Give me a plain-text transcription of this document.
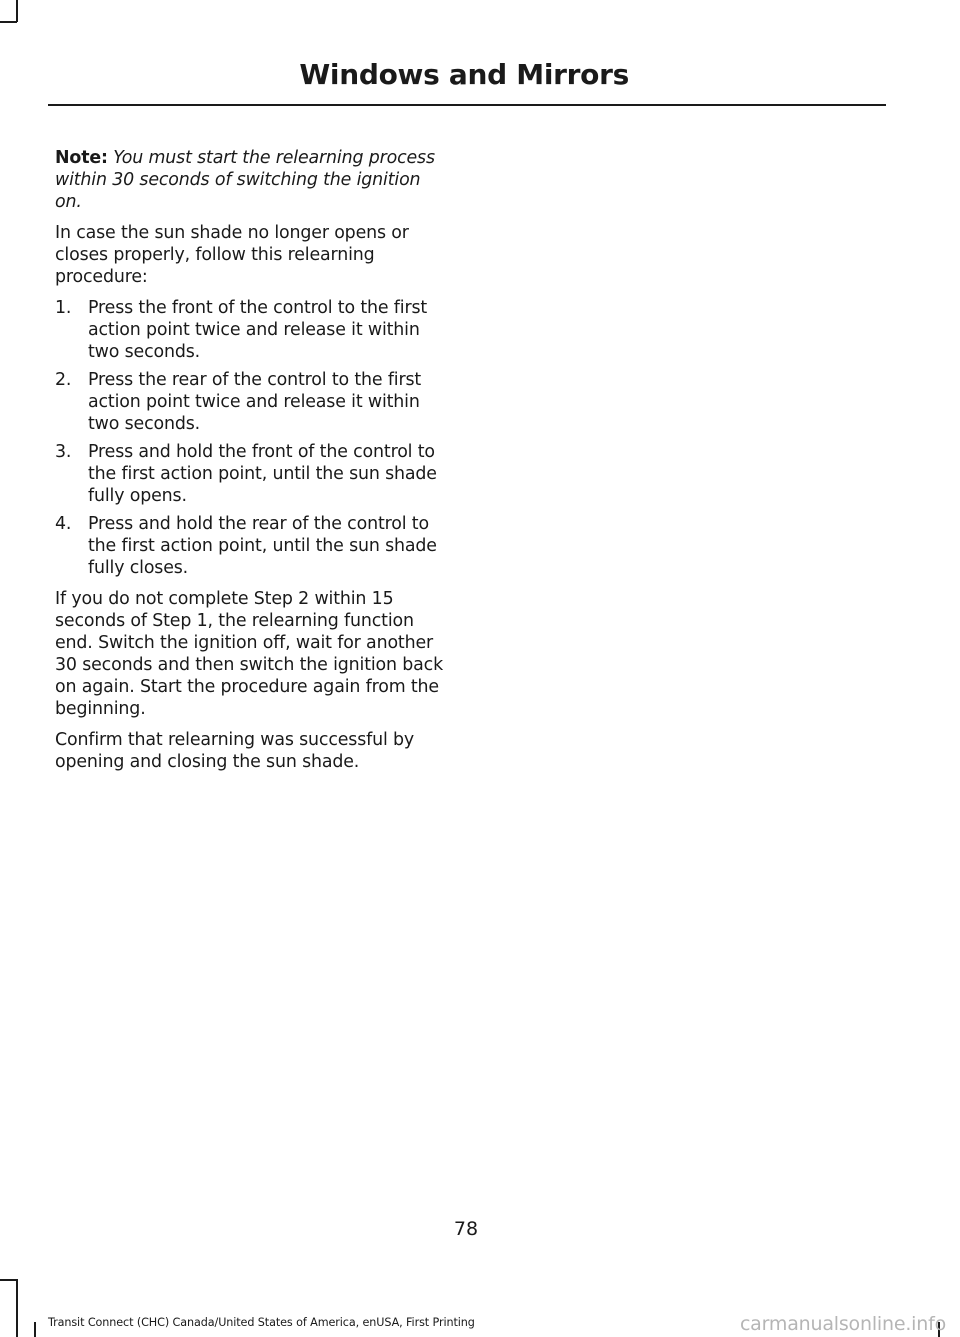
Windows and Mirrors

Note: You must start the relearning process within 30 seconds of switching the ignition on.

In case the sun shade no longer opens or closes properly, follow this relearning procedure:

1. Press the front of the control to the first action point twice and release it within two seconds.
2. Press the rear of the control to the first action point twice and release it within two seconds.
3. Press and hold the front of the control to the first action point, until the sun shade fully opens.
4. Press and hold the rear of the control to the first action point, until the sun shade fully closes.

If you do not complete Step 2 within 15 seconds of Step 1, the relearning function end. Switch the ignition off, wait for another 30 seconds and then switch the ignition back on again. Start the procedure again from the beginning.

Confirm that relearning was successful by opening and closing the sun shade.

78
Transit Connect (CHC) Canada/United States of America, enUSA, First Printing	carmanualsonline.info
